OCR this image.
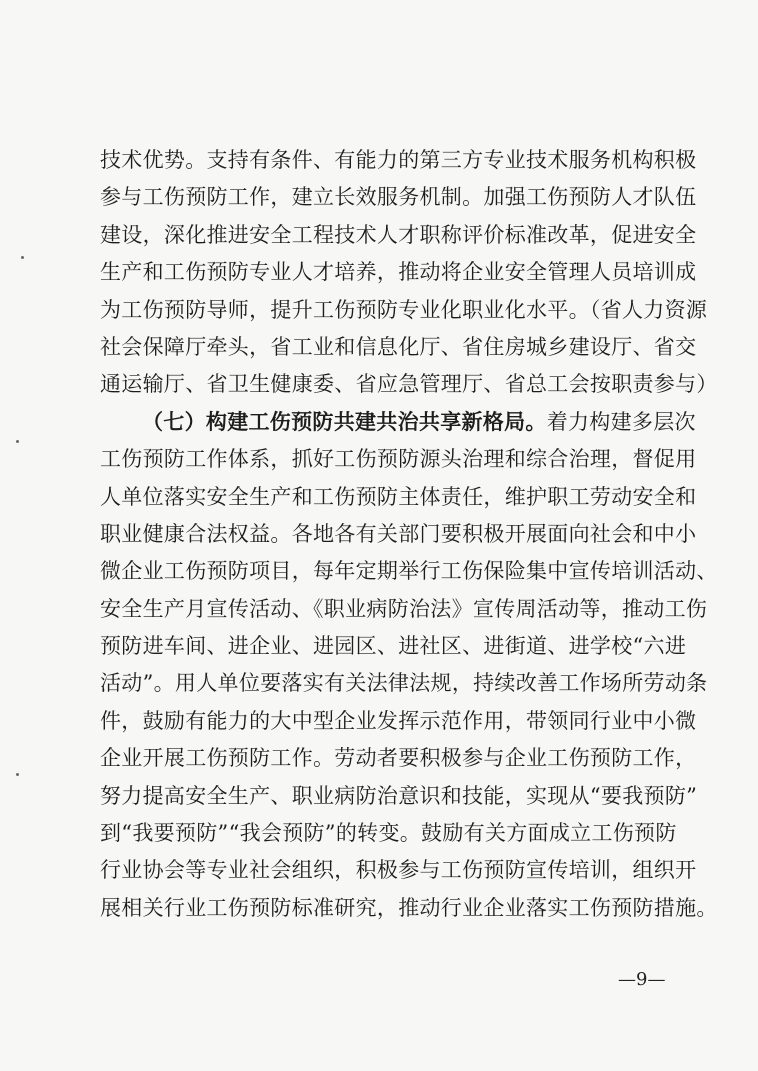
技术优势。支持有条件、有能力的第三方专业技术服务机构积极
参与工伤预防工作，建立长效服务机制。加强工伤预防人才队伍
建设，深化推进安全工程技术人才职称评价标准改革，促进安全
生产和工伤预防专业人才培养，推动将企业安全管理人员培训成
为工伤预防导师，提升工伤预防专业化职业化水平。（省人力资源
社会保障厅牵头，省工业和信息化厅、省住房城乡建设厅、省交
通运输厅、省卫生健康委、省应急管理厅、省总工会按职责参与）
（七）构建工伤预防共建共治共享新格局。着力构建多层次
工伤预防工作体系，抓好工伤预防源头治理和综合治理，督促用
人单位落实安全生产和工伤预防主体责任，维护职工劳动安全和
职业健康合法权益。各地各有关部门要积极开展面向社会和中小
微企业工伤预防项目，每年定期举行工伤保险集中宣传培训活动、
安全生产月宣传活动、《职业病防治法》宣传周活动等，推动工伤
预防进车间、进企业、进园区、进社区、进街道、进学校“六进
活动”。用人单位要落实有关法律法规，持续改善工作场所劳动条
件，鼓励有能力的大中型企业发挥示范作用，带领同行业中小微
企业开展工伤预防工作。劳动者要积极参与企业工伤预防工作，
努力提高安全生产、职业病防治意识和技能，实现从“要我预防”
到“我要预防”“我会预防”的转变。鼓励有关方面成立工伤预防
行业协会等专业社会组织，积极参与工伤预防宣传培训，组织开
展相关行业工伤预防标准研究，推动行业企业落实工伤预防措施。
—9—
